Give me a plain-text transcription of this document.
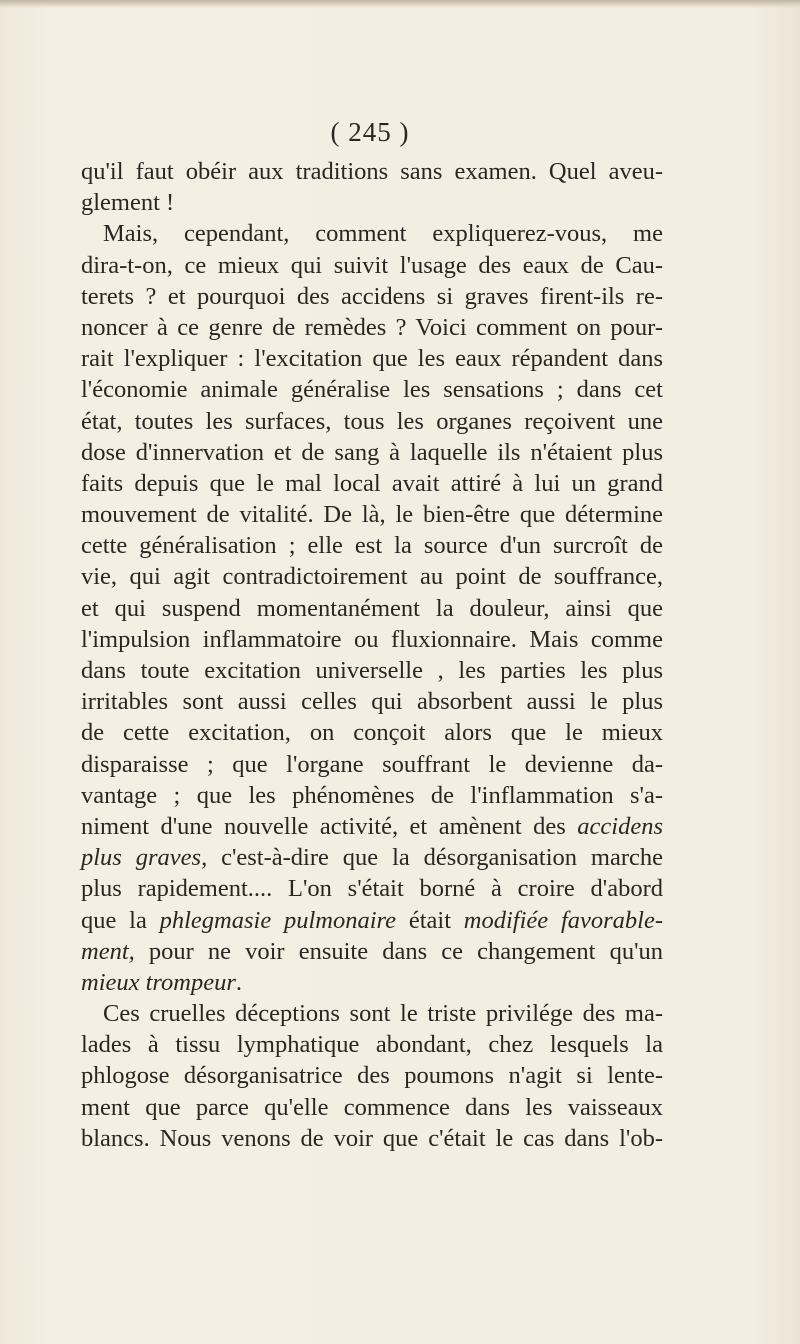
( 245 )
qu'il faut obéir aux traditions sans examen. Quel aveu-
glement !
Mais, cependant, comment expliquerez-vous, me
dira-t-on, ce mieux qui suivit l'usage des eaux de Cau-
terets ? et pourquoi des accidens si graves firent-ils re-
noncer à ce genre de remèdes ? Voici comment on pour-
rait l'expliquer : l'excitation que les eaux répandent dans
l'économie animale généralise les sensations ; dans cet
état, toutes les surfaces, tous les organes reçoivent une
dose d'innervation et de sang à laquelle ils n'étaient plus
faits depuis que le mal local avait attiré à lui un grand
mouvement de vitalité. De là, le bien-être que détermine
cette généralisation ; elle est la source d'un surcroît de
vie, qui agit contradictoirement au point de souffrance,
et qui suspend momentanément la douleur, ainsi que
l'impulsion inflammatoire ou fluxionnaire. Mais comme
dans toute excitation universelle , les parties les plus
irritables sont aussi celles qui absorbent aussi le plus
de cette excitation, on conçoit alors que le mieux
disparaisse ; que l'organe souffrant le devienne da-
vantage ; que les phénomènes de l'inflammation s'a-
niment d'une nouvelle activité, et amènent des accidens
plus graves, c'est-à-dire que la désorganisation marche
plus rapidement.... L'on s'était borné à croire d'abord
que la phlegmasie pulmonaire était modifiée favorable-
ment, pour ne voir ensuite dans ce changement qu'un
mieux trompeur.
Ces cruelles déceptions sont le triste privilége des ma-
lades à tissu lymphatique abondant, chez lesquels la
phlogose désorganisatrice des poumons n'agit si lente-
ment que parce qu'elle commence dans les vaisseaux
blancs. Nous venons de voir que c'était le cas dans l'ob-
